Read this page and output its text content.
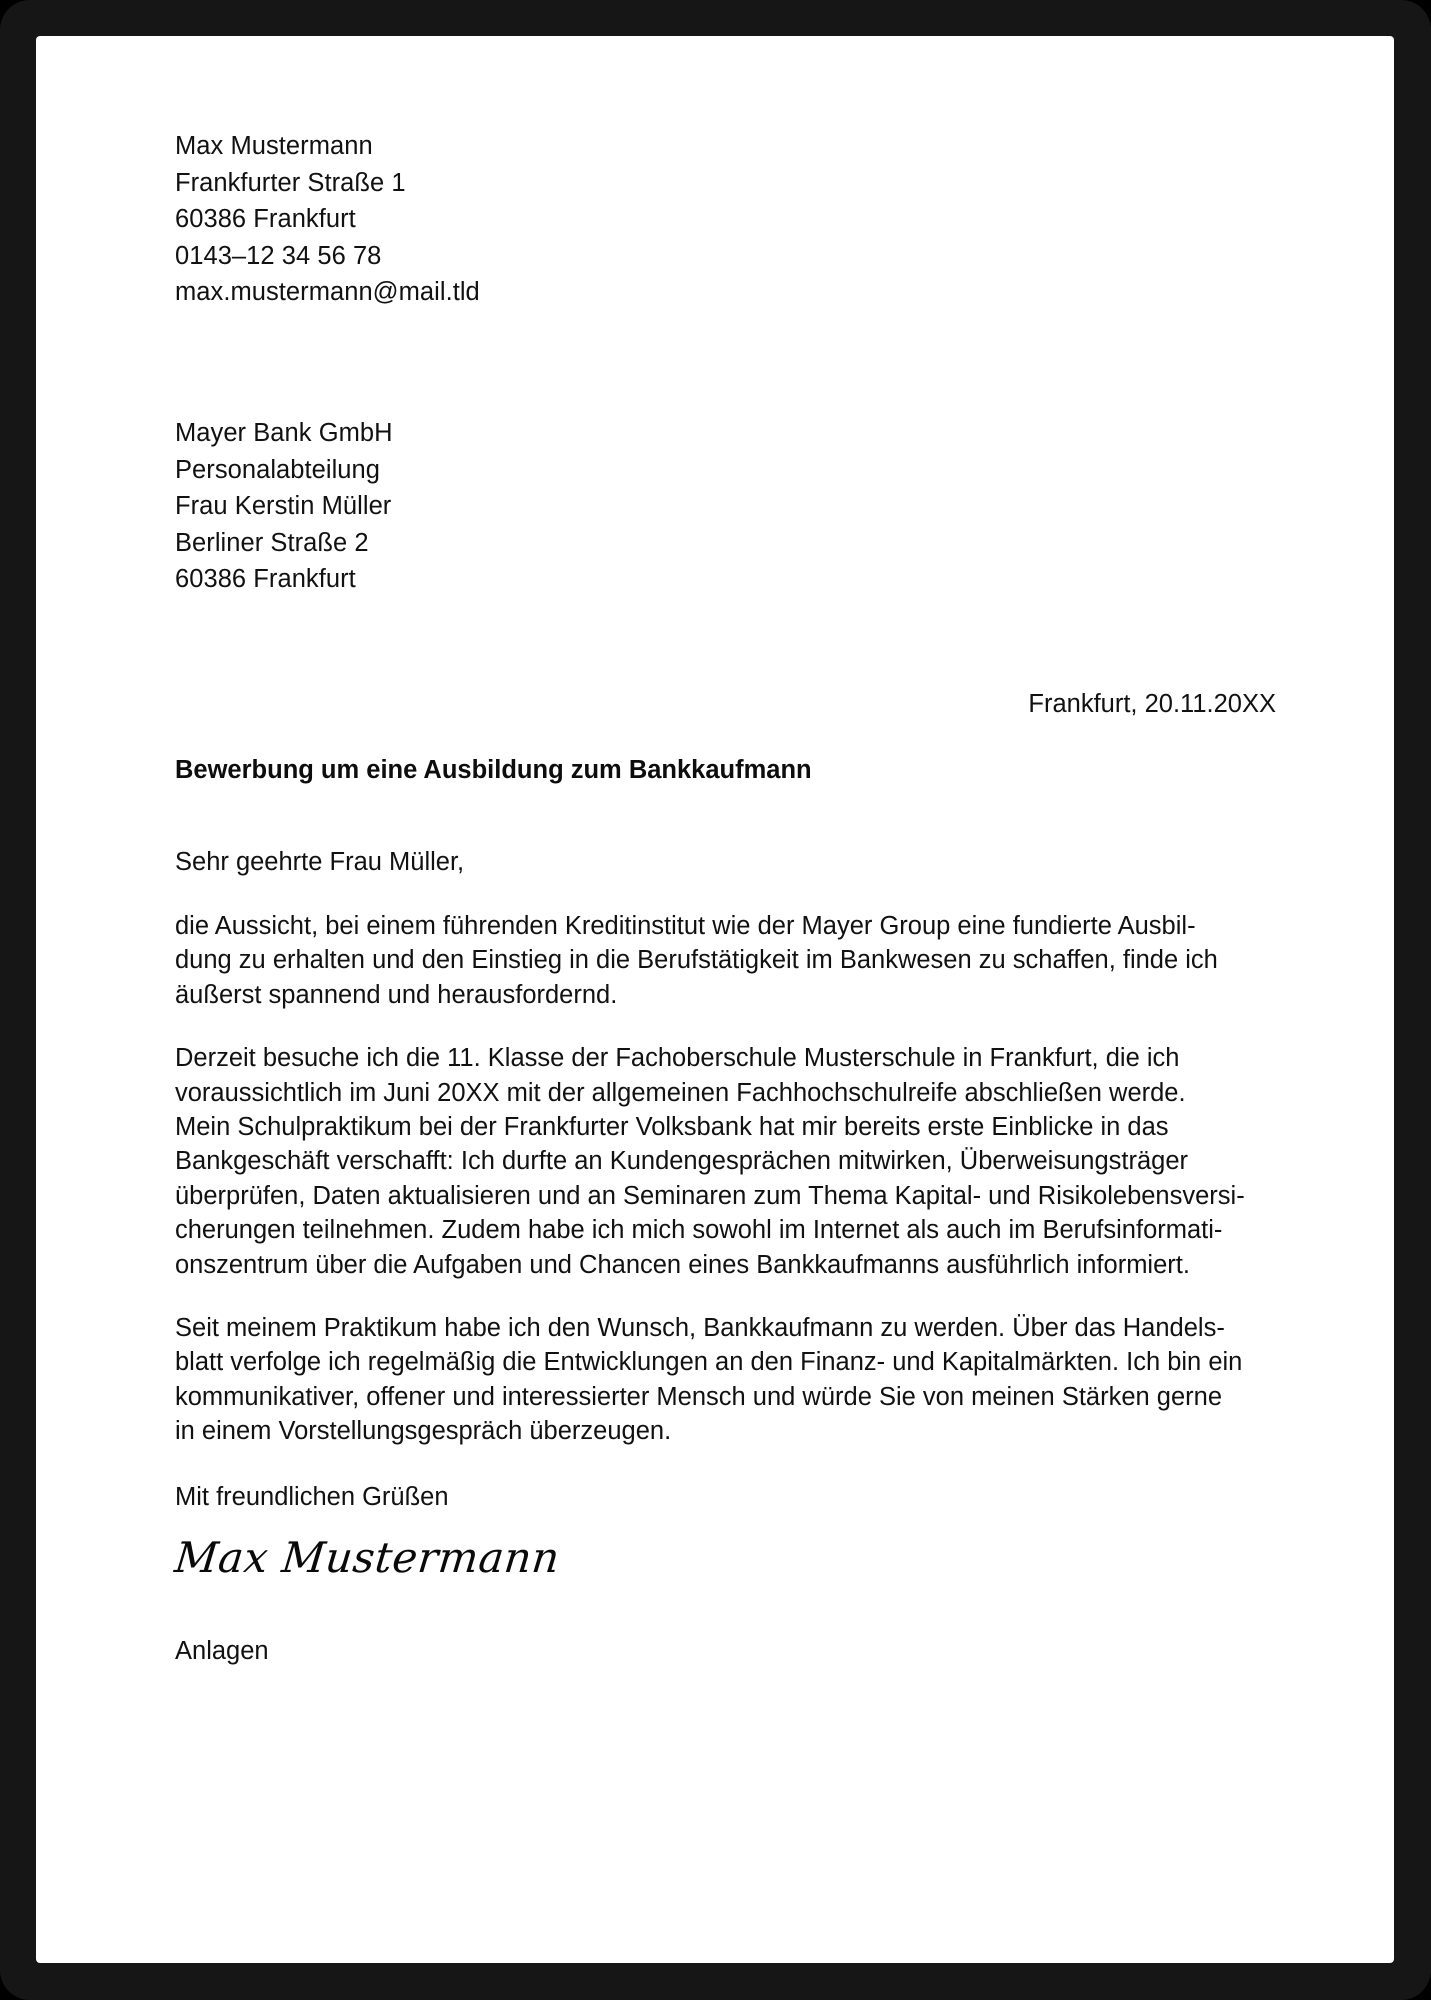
Max Mustermann
Frankfurter Straße 1
60386 Frankfurt
0143–12 34 56 78
max.mustermann@mail.tld
Mayer Bank GmbH
Personalabteilung
Frau Kerstin Müller
Berliner Straße 2
60386 Frankfurt
Frankfurt, 20.11.20XX
Bewerbung um eine Ausbildung zum Bankkaufmann
Sehr geehrte Frau Müller,
die Aussicht, bei einem führenden Kreditinstitut wie der Mayer Group eine fundierte Ausbil-
dung zu erhalten und den Einstieg in die Berufstätigkeit im Bankwesen zu schaffen, finde ich
äußerst spannend und herausfordernd.
Derzeit besuche ich die 11. Klasse der Fachoberschule Musterschule in Frankfurt, die ich
voraussichtlich im Juni 20XX mit der allgemeinen Fachhochschulreife abschließen werde.
Mein Schulpraktikum bei der Frankfurter Volksbank hat mir bereits erste Einblicke in das
Bankgeschäft verschafft: Ich durfte an Kundengesprächen mitwirken, Überweisungsträger
überprüfen, Daten aktualisieren und an Seminaren zum Thema Kapital- und Risikolebensversi-
cherungen teilnehmen. Zudem habe ich mich sowohl im Internet als auch im Berufsinformati-
onszentrum über die Aufgaben und Chancen eines Bankkaufmanns ausführlich informiert.
Seit meinem Praktikum habe ich den Wunsch, Bankkaufmann zu werden. Über das Handels-
blatt verfolge ich regelmäßig die Entwicklungen an den Finanz- und Kapitalmärkten. Ich bin ein
kommunikativer, offener und interessierter Mensch und würde Sie von meinen Stärken gerne
in einem Vorstellungsgespräch überzeugen.
Mit freundlichen Grüßen
Max Mustermann
Anlagen
